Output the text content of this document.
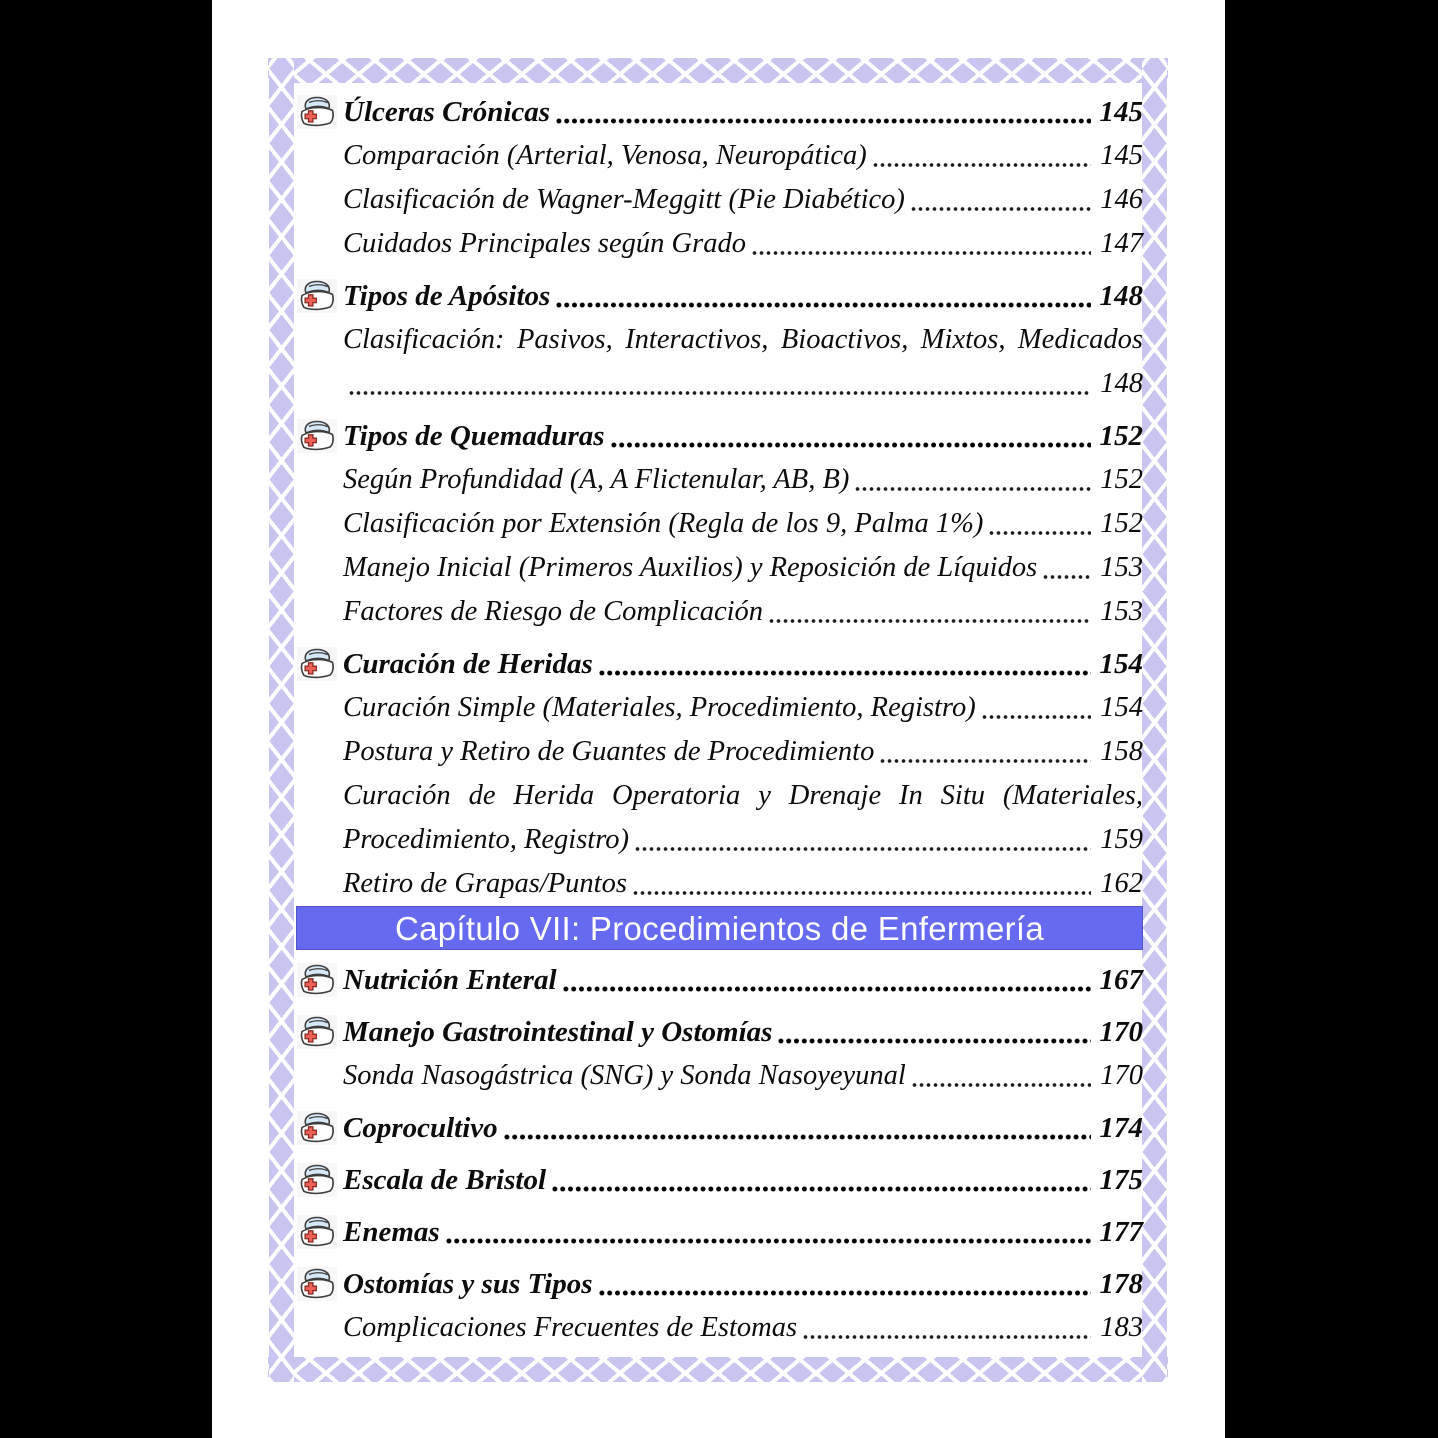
Úlceras Crónicas	145
Comparación (Arterial, Venosa, Neuropática)	145
Clasificación de Wagner-Meggitt (Pie Diabético)	146
Cuidados Principales según Grado	147
Tipos de Apósitos	148
Clasificación: Pasivos, Interactivos, Bioactivos, Mixtos, Medicados
148
Tipos de Quemaduras	152
Según Profundidad (A, A Flictenular, AB, B)	152
Clasificación por Extensión (Regla de los 9, Palma 1%)	152
Manejo Inicial (Primeros Auxilios) y Reposición de Líquidos 153
Factores de Riesgo de Complicación	153
Curación de Heridas	154
Curación Simple (Materiales, Procedimiento, Registro)	154
Postura y Retiro de Guantes de Procedimiento	158
Curación de Herida Operatoria y Drenaje In Situ (Materiales,
Procedimiento, Registro)	159
Retiro de Grapas/Puntos	162
Capítulo VII: Procedimientos de Enfermería
Nutrición Enteral	167
Manejo Gastrointestinal y Ostomías	170
Sonda Nasogástrica (SNG) y Sonda Nasoyeyunal	170
Coprocultivo	174
Escala de Bristol	175
Enemas	177
Ostomías y sus Tipos	178
Complicaciones Frecuentes de Estomas	183
